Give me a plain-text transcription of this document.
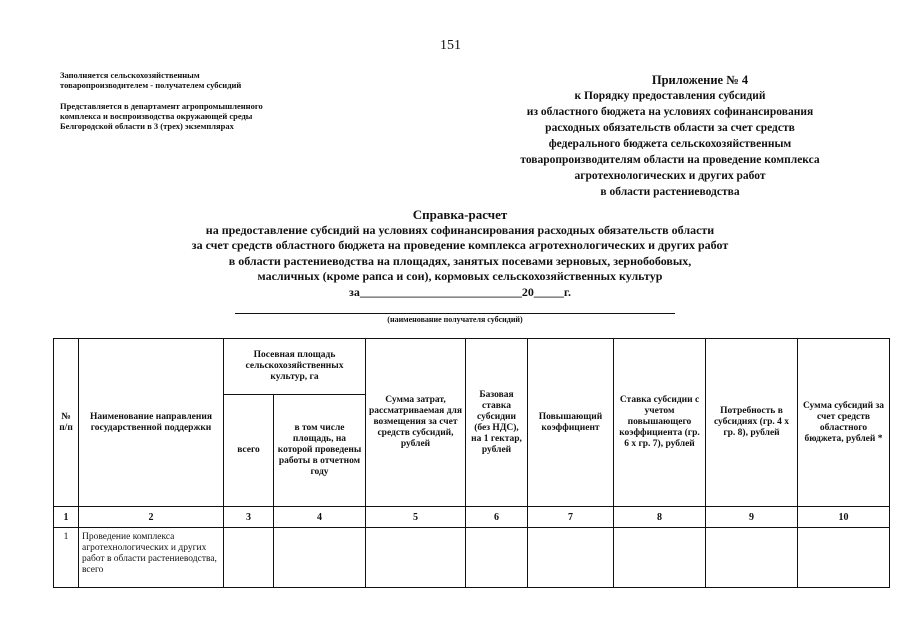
151
Заполняется сельскохозяйственным
товаропроизводителем - получателем субсидий
Представляется в департамент агропромышленного
комплекса и воспроизводства окружающей среды
Белгородской области в 3 (трех) экземплярах
Приложение № 4
к Порядку предоставления субсидий
из областного бюджета на условиях софинансирования
расходных обязательств области за счет средств
федерального бюджета сельскохозяйственным
товаропроизводителям области на проведение комплекса
агротехнологических и других работ
в области растениеводства
Справка-расчет
на предоставление субсидий на условиях софинансирования расходных обязательств области
за счет средств областного бюджета на проведение комплекса агротехнологических и других работ
в области растениеводства на площадях, занятых посевами зерновых, зернобобовых,
масличных (кроме рапса и сои), кормовых сельскохозяйственных культур
за___________________________20_____г.
(наименование получателя субсидий)
№ п/п	Наименование направления государственной поддержки	Посевная площадь сельскохозяйственных культур, га		Сумма затрат, рассматриваемая для возмещения за счет средств субсидий, рублей	Базовая ставка субсидии (без НДС), на 1 гектар, рублей	Повышающий коэффициент	Ставка субсидии с учетом повышающего коэффициента (гр. 6 х гр. 7), рублей	Потребность в субсидиях (гр. 4 х гр. 8), рублей	Сумма субсидий за счет средств областного бюджета, рублей *
		всего	в том числе площадь, на которой проведены работы в отчетном году						
1	2	3	4	5	6	7	8	9	10
1	Проведение комплекса агротехнологических и других работ в области растениеводства, всего								
